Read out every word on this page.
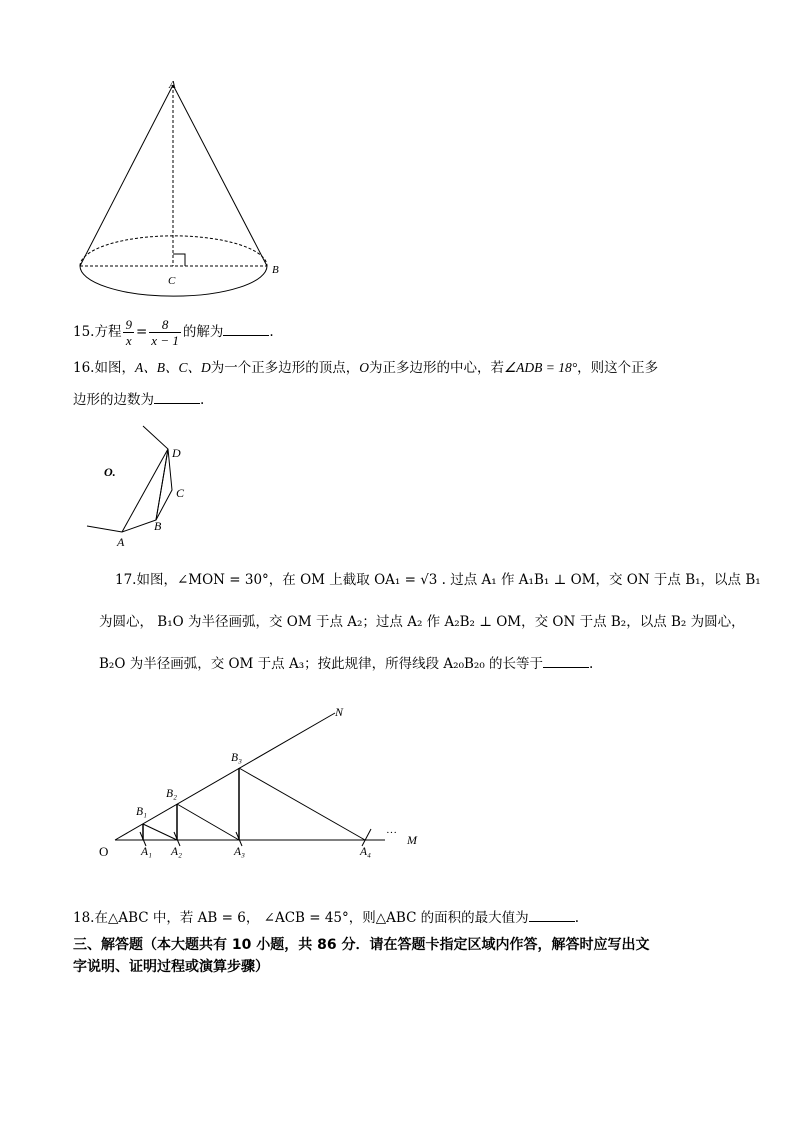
A
C
B
15.方程 $\frac{9}{x} = \frac{8}{x - 1}$ 的解为	.
16.如图，A、B、C、D为一个正多边形的顶点，O为正多边形的中心，若∠ADB = 18°，则这个正多
边形的边数为	.
O.
D
C
B
A
17.如图，∠MON = 30°，在 OM 上截取 OA₁ = √3 . 过点 A₁ 作 A₁B₁ ⊥ OM，交 ON 于点 B₁，以点 B₁
为圆心， B₁O 为半径画弧，交 OM 于点 A₂；过点 A₂ 作 A₂B₂ ⊥ OM，交 ON 于点 B₂，以点 B₂ 为圆心，
B₂O 为半径画弧，交 OM 于点 A₃；按此规律，所得线段 A₂₀B₂₀ 的长等于	.
N
··· M
O
B₁
B₂
B₃
A₁ A₂	A₃	A₄
18.在△ABC 中，若 AB = 6， ∠ACB = 45°，则△ABC 的面积的最大值为	.
三、解答题（本大题共有 10 小题，共 86 分．请在答题卡指定区域内作答，解答时应写出文
字说明、证明过程或演算步骤）
